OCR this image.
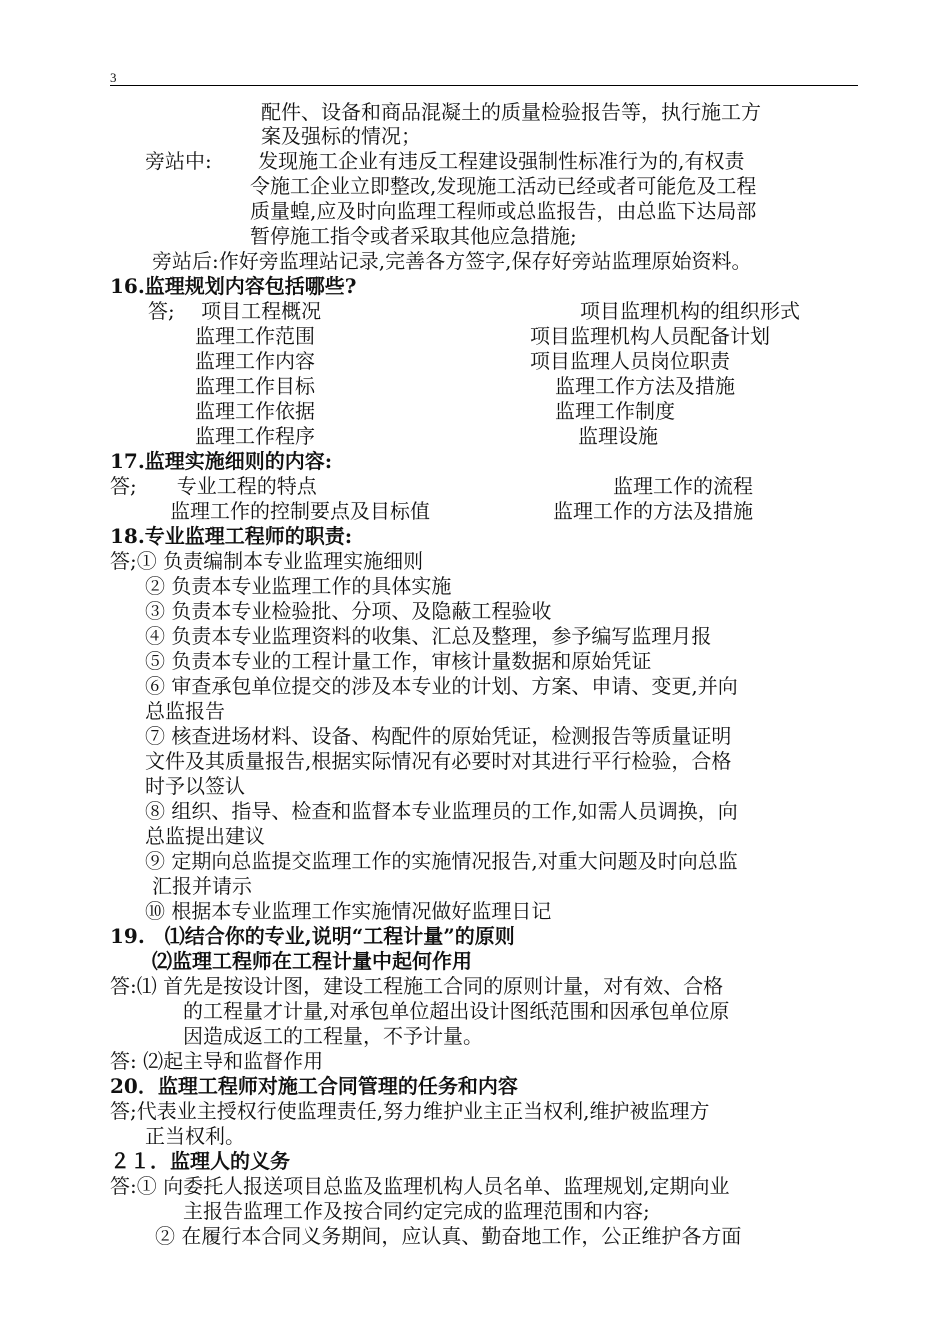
3
配件、设备和商品混凝土的质量检验报告等，执行施工方
案及强标的情况；
旁站中:　　 发现施工企业有违反工程建设强制性标准行为的,有权责
令施工企业立即整改,发现施工活动已经或者可能危及工程
质量蝗,应及时向监理工程师或总监报告，由总监下达局部
暂停施工指令或者采取其他应急措施;
旁站后:作好旁监理站记录,完善各方签字,保存好旁站监理原始资料。
16.监理规划内容包括哪些?
答;　 项目工程概况	项目监理机构的组织形式
监理工作范围	项目监理机构人员配备计划
监理工作内容	项目监理人员岗位职责
监理工作目标	监理工作方法及措施
监理工作依据	监理工作制度
监理工作程序	监理设施
17.监理实施细则的内容:
答;　　专业工程的特点	监理工作的流程
监理工作的控制要点及目标值	监理工作的方法及措施
18.专业监理工程师的职责:
答;① 负责编制本专业监理实施细则
② 负责本专业监理工作的具体实施
③ 负责本专业检验批、分项、及隐蔽工程验收
④ 负责本专业监理资料的收集、汇总及整理，参予编写监理月报
⑤ 负责本专业的工程计量工作，审核计量数据和原始凭证
⑥ 审查承包单位提交的涉及本专业的计划、方案、申请、变更,并向
总监报告
⑦ 核查进场材料、设备、构配件的原始凭证，检测报告等质量证明
文件及其质量报告,根据实际情况有必要时对其进行平行检验，合格
时予以签认
⑧ 组织、指导、检查和监督本专业监理员的工作,如需人员调换，向
总监提出建议
⑨ 定期向总监提交监理工作的实施情况报告,对重大问题及时向总监
汇报并请示
⑩ 根据本专业监理工作实施情况做好监理日记
19.　⑴结合你的专业,说明“工程计量”的原则
⑵监理工程师在工程计量中起何作用
答:⑴ 首先是按设计图，建设工程施工合同的原则计量，对有效、合格
的工程量才计量,对承包单位超出设计图纸范围和因承包单位原
因造成返工的工程量，不予计量。
答: ⑵起主导和监督作用
20．监理工程师对施工合同管理的任务和内容
答;代表业主授权行使监理责任,努力维护业主正当权利,维护被监理方
正当权利。
２１．监理人的义务
答:① 向委托人报送项目总监及监理机构人员名单、监理规划,定期向业
主报告监理工作及按合同约定完成的监理范围和内容;
② 在履行本合同义务期间，应认真、勤奋地工作，公正维护各方面
